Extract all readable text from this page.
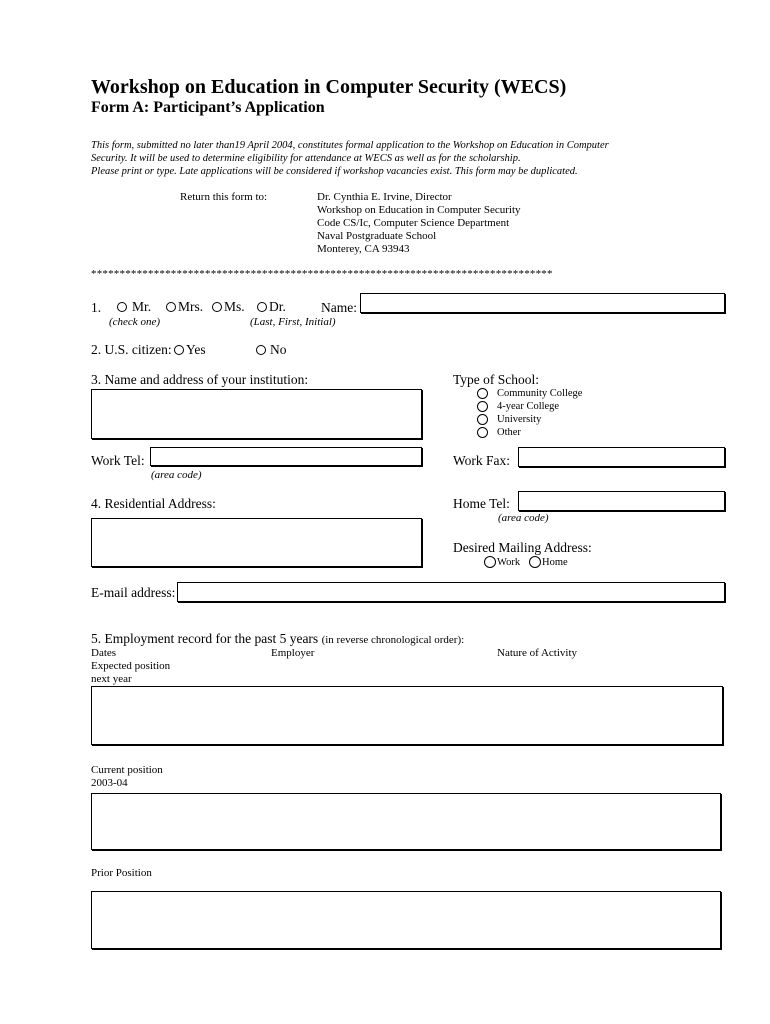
Workshop on Education in Computer Security (WECS)
Form A: Participant’s Application
This form, submitted no later than19 April 2004, constitutes formal application to the Workshop on Education in Computer
Security. It will be used to determine eligibility for attendance at WECS as well as for the scholarship.
Please print or type. Late applications will be considered if workshop vacancies exist. This form may be duplicated.
Return this form to:	Dr. Cynthia E. Irvine, Director
Workshop on Education in Computer Security
Code CS/Ic, Computer Science Department
Naval Postgraduate School
Monterey, CA 93943
*********************************************************************************
1. Mr. Mrs. Ms. Dr.
(check one)
Name:
(Last, First, Initial)
2. U.S. citizen: Yes	No
3. Name and address of your institution:	Type of School:
Community College
4-year College
University
Other
Work Tel:
(area code)
Work Fax:
4. Residential Address:	Home Tel:
(area code)
Desired Mailing Address:
Work Home
E-mail address:
5. Employment record for the past 5 years (in reverse chronological order):
Dates	Employer	Nature of Activity
Expected position
next year
Current position
2003-04
Prior Position
